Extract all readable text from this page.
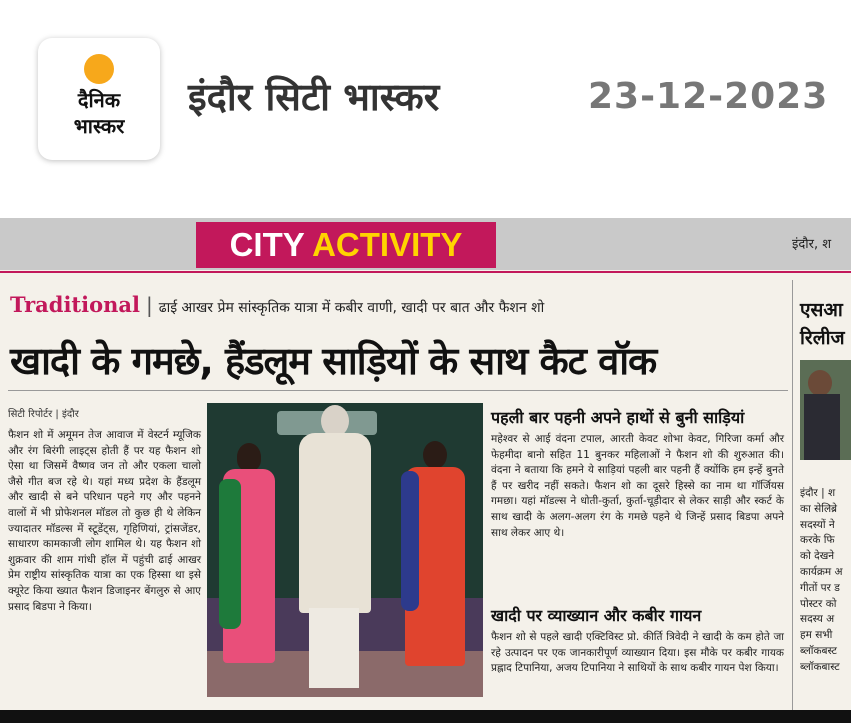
दैनिक
भास्कर
इंदौर सिटी भास्कर	23-12-2023
CITY ACTIVITY	इंदौर, श
Traditional | ढाई आखर प्रेम सांस्कृतिक यात्रा में कबीर वाणी, खादी पर बात और फैशन शो
खादी के गमछे, हैंडलूम साड़ियों के साथ कैट वॉक
सिटी रिपोर्टर | इंदौर
फैशन शो में अमूमन तेज आवाज में वेस्टर्न म्यूजिक और रंग बिरंगी लाइट्स होती हैं पर यह फैशन शो ऐसा था जिसमें वैष्णव जन तो और एकला चालो जैसे गीत बज रहे थे। यहां मध्य प्रदेश के हैंडलूम और खादी से बने परिधान पहने गए और पहनने वालों में भी प्रोफेशनल मॉडल तो कुछ ही थे लेकिन ज्यादातर मॉडल्स में स्टूडेंट्स, गृहिणियां, ट्रांसजेंडर, साधारण कामकाजी लोग शामिल थे। यह फैशन शो शुक्रवार की शाम गांधी हॉल में पहुंची ढाई आखर प्रेम राष्ट्रीय सांस्कृतिक यात्रा का एक हिस्सा था इसे क्यूरेट किया ख्यात फैशन डिजाइनर बेंगलुरु से आए प्रसाद बिडपा ने किया।
पहली बार पहनी अपने हाथों से बुनी साड़ियां
महेश्वर से आई वंदना टपाल, आरती केवट शोभा केवट, गिरिजा कर्मा और फेहमीदा बानो सहित 11 बुनकर महिलाओं ने फैशन शो की शुरुआत की। वंदना ने बताया कि हमने ये साड़ियां पहली बार पहनी हैं क्योंकि हम इन्हें बुनते हैं पर खरीद नहीं सकते। फैशन शो का दूसरे हिस्से का नाम था गॉर्जियस गमछा। यहां मॉडल्स ने धोती-कुर्ता, कुर्ता-चूड़ीदार से लेकर साड़ी और स्कर्ट के साथ खादी के अलग-अलग रंग के गमछे पहने थे जिन्हें प्रसाद बिडपा अपने साथ लेकर आए थे।
खादी पर व्याख्यान और कबीर गायन
फैशन शो से पहले खादी एक्टिविस्ट प्रो. कीर्ति त्रिवेदी ने खादी के कम होते जा रहे उत्पादन पर एक जानकारीपूर्ण व्याख्यान दिया। इस मौके पर कबीर गायक प्रह्लाद टिपानिया, अजय टिपानिया ने साथियों के साथ कबीर गायन पेश किया।
एसआ
रिलीज
इंदौर | श
का सेलिब्रे
सदस्यों ने
करके फि
को देखने
कार्यक्रम अ
गीतों पर ड
पोस्टर को
सदस्य अ
हम सभी
ब्लॉकबस्ट
ब्लॉकबास्ट
